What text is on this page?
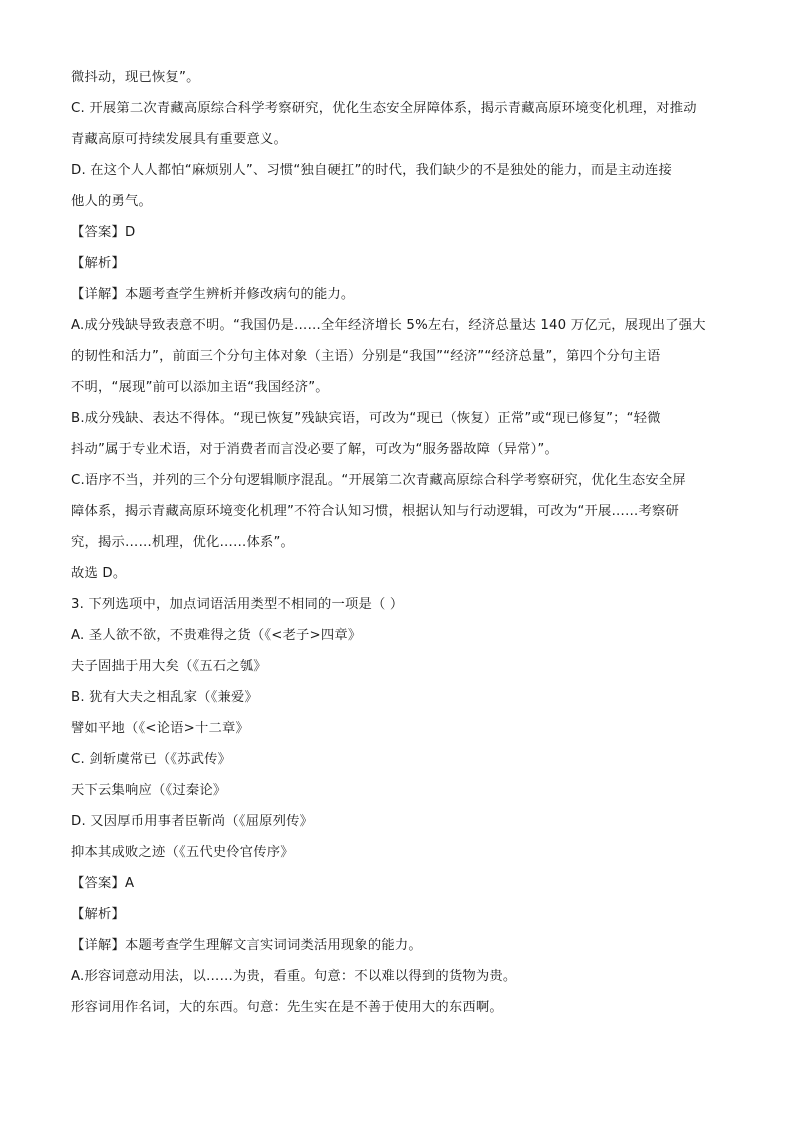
微抖动，现已恢复”。
C. 开展第二次青藏高原综合科学考察研究，优化生态安全屏障体系，揭示青藏高原环境变化机理，对推动
青藏高原可持续发展具有重要意义。
D. 在这个人人都怕“麻烦别人”、习惯“独自硬扛”的时代，我们缺少的不是独处的能力，而是主动连接
他人的勇气。
【答案】D
【解析】
【详解】本题考查学生辨析并修改病句的能力。
A.成分残缺导致表意不明。“我国仍是……全年经济增长 5%左右，经济总量达 140 万亿元，展现出了强大
的韧性和活力”，前面三个分句主体对象（主语）分别是“我国”“经济”“经济总量”，第四个分句主语
不明，“展现”前可以添加主语“我国经济”。
B.成分残缺、表达不得体。“现已恢复”残缺宾语，可改为“现已（恢复）正常”或“现已修复”；“轻微
抖动”属于专业术语，对于消费者而言没必要了解，可改为“服务器故障（异常）”。
C.语序不当，并列的三个分句逻辑顺序混乱。“开展第二次青藏高原综合科学考察研究，优化生态安全屏
障体系，揭示青藏高原环境变化机理”不符合认知习惯，根据认知与行动逻辑，可改为“开展……考察研
究，揭示……机理，优化……体系”。
故选 D。
3. 下列选项中，加点词语活用类型不相同的一项是（ ）
A. 圣人欲不欲，不贵难得之货（《<老子>四章》
夫子固拙于用大矣（《五石之瓠》
B. 犹有大夫之相乱家（《兼爱》
譬如平地（《<论语>十二章》
C. 剑斩虞常已（《苏武传》
天下云集响应（《过秦论》
D. 又因厚币用事者臣靳尚（《屈原列传》
抑本其成败之迹（《五代史伶官传序》
【答案】A
【解析】
【详解】本题考查学生理解文言实词词类活用现象的能力。
A.形容词意动用法，以……为贵，看重。句意：不以难以得到的货物为贵。
形容词用作名词，大的东西。句意：先生实在是不善于使用大的东西啊。
